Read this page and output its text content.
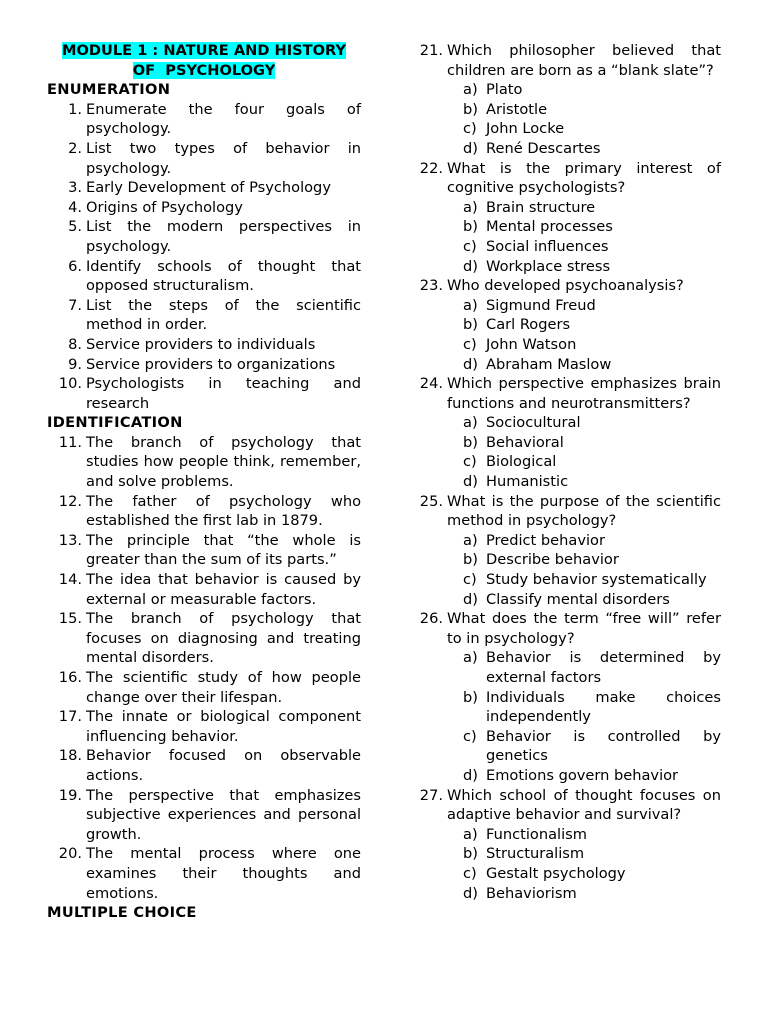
MODULE 1 : NATURE AND HISTORY
OF  PSYCHOLOGY
ENUMERATION
1. Enumerate the four goals of psychology.
2. List two types of behavior in psychology.
3. Early Development of Psychology
4. Origins of Psychology
5. List the modern perspectives in psychology.
6. Identify schools of thought that opposed structuralism.
7. List the steps of the scientific method in order.
8. Service providers to individuals
9. Service providers to organizations
10. Psychologists in teaching and research
IDENTIFICATION
11. The branch of psychology that studies how people think, remember, and solve problems.
12. The father of psychology who established the first lab in 1879.
13. The principle that “the whole is greater than the sum of its parts.”
14. The idea that behavior is caused by external or measurable factors.
15. The branch of psychology that focuses on diagnosing and treating mental disorders.
16. The scientific study of how people change over their lifespan.
17. The innate or biological component influencing behavior.
18. Behavior focused on observable actions.
19. The perspective that emphasizes subjective experiences and personal growth.
20. The mental process where one examines their thoughts and emotions.
MULTIPLE CHOICE
21. Which philosopher believed that children are born as a “blank slate”?
a) Plato
b) Aristotle
c) John Locke
d) René Descartes
22. What is the primary interest of cognitive psychologists?
a) Brain structure
b) Mental processes
c) Social influences
d) Workplace stress
23. Who developed psychoanalysis?
a) Sigmund Freud
b) Carl Rogers
c) John Watson
d) Abraham Maslow
24. Which perspective emphasizes brain functions and neurotransmitters?
a) Sociocultural
b) Behavioral
c) Biological
d) Humanistic
25. What is the purpose of the scientific method in psychology?
a) Predict behavior
b) Describe behavior
c) Study behavior systematically
d) Classify mental disorders
26. What does the term “free will” refer to in psychology?
a) Behavior is determined by external factors
b) Individuals make choices independently
c) Behavior is controlled by genetics
d) Emotions govern behavior
27. Which school of thought focuses on adaptive behavior and survival?
a) Functionalism
b) Structuralism
c) Gestalt psychology
d) Behaviorism
